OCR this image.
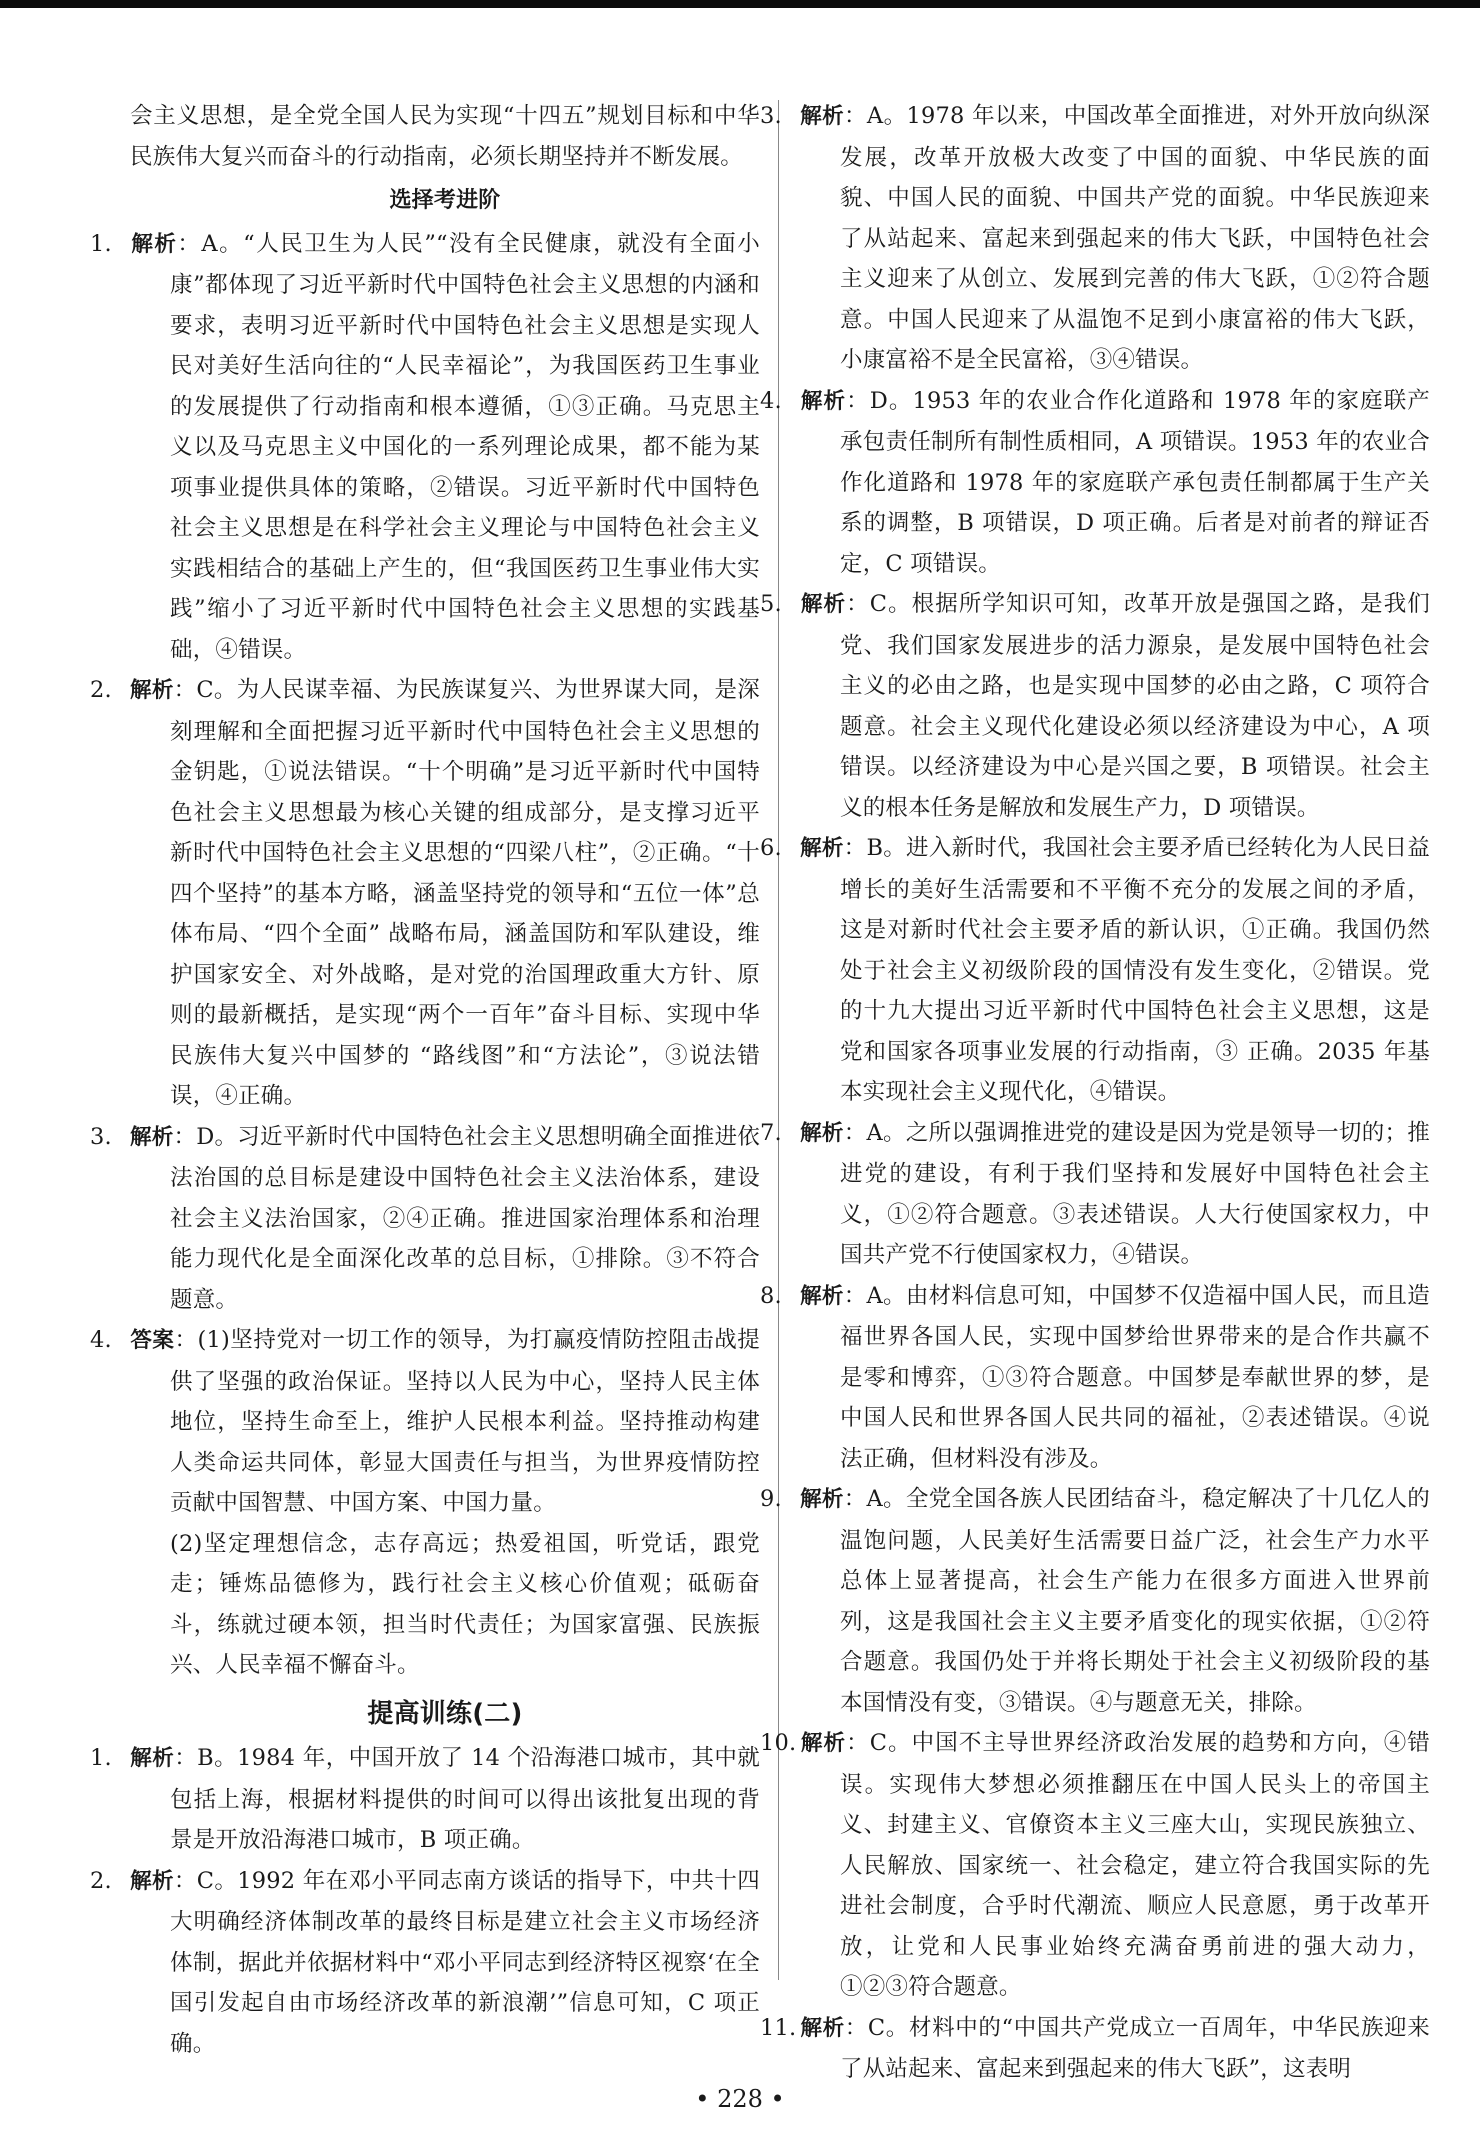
会主义思想，是全党全国人民为实现“十四五”规划目标和中华民族伟大复兴而奋斗的行动指南，必须长期坚持并不断发展。

选择考进阶

1. 解析：A。“人民卫生为人民”“没有全民健康，就没有全面小康”都体现了习近平新时代中国特色社会主义思想的内涵和要求，表明习近平新时代中国特色社会主义思想是实现人民对美好生活向往的“人民幸福论”，为我国医药卫生事业的发展提供了行动指南和根本遵循，①③正确。马克思主义以及马克思主义中国化的一系列理论成果，都不能为某项事业提供具体的策略，②错误。习近平新时代中国特色社会主义思想是在科学社会主义理论与中国特色社会主义实践相结合的基础上产生的，但“我国医药卫生事业伟大实践”缩小了习近平新时代中国特色社会主义思想的实践基础，④错误。

2. 解析：C。为人民谋幸福、为民族谋复兴、为世界谋大同，是深刻理解和全面把握习近平新时代中国特色社会主义思想的金钥匙，①说法错误。“十个明确”是习近平新时代中国特色社会主义思想最为核心关键的组成部分，是支撑习近平新时代中国特色社会主义思想的“四梁八柱”，②正确。“十四个坚持”的基本方略，涵盖坚持党的领导和“五位一体”总体布局、“四个全面” 战略布局，涵盖国防和军队建设，维护国家安全、对外战略，是对党的治国理政重大方针、原则的最新概括，是实现“两个一百年”奋斗目标、实现中华民族伟大复兴中国梦的 “路线图”和“方法论”，③说法错误，④正确。

3. 解析：D。习近平新时代中国特色社会主义思想明确全面推进依法治国的总目标是建设中国特色社会主义法治体系，建设社会主义法治国家，②④正确。推进国家治理体系和治理能力现代化是全面深化改革的总目标，①排除。③不符合题意。

4. 答案：(1)坚持党对一切工作的领导，为打赢疫情防控阻击战提供了坚强的政治保证。坚持以人民为中心，坚持人民主体地位，坚持生命至上，维护人民根本利益。坚持推动构建人类命运共同体，彰显大国责任与担当，为世界疫情防控贡献中国智慧、中国方案、中国力量。

(2)坚定理想信念，志存高远；热爱祖国，听党话，跟党走；锤炼品德修为，践行社会主义核心价值观；砥砺奋斗，练就过硬本领，担当时代责任；为国家富强、民族振兴、人民幸福不懈奋斗。

提高训练(二)

1. 解析：B。1984 年，中国开放了 14 个沿海港口城市，其中就包括上海，根据材料提供的时间可以得出该批复出现的背景是开放沿海港口城市，B 项正确。

2. 解析：C。1992 年在邓小平同志南方谈话的指导下，中共十四大明确经济体制改革的最终目标是建立社会主义市场经济体制，据此并依据材料中“邓小平同志到经济特区视察‘在全国引发起自由市场经济改革的新浪潮’”信息可知，C 项正确。

3. 解析：A。1978 年以来，中国改革全面推进，对外开放向纵深发展，改革开放极大改变了中国的面貌、中华民族的面貌、中国人民的面貌、中国共产党的面貌。中华民族迎来了从站起来、富起来到强起来的伟大飞跃，中国特色社会主义迎来了从创立、发展到完善的伟大飞跃，①②符合题意。中国人民迎来了从温饱不足到小康富裕的伟大飞跃，小康富裕不是全民富裕，③④错误。

4. 解析：D。1953 年的农业合作化道路和 1978 年的家庭联产承包责任制所有制性质相同，A 项错误。1953 年的农业合作化道路和 1978 年的家庭联产承包责任制都属于生产关系的调整，B 项错误，D 项正确。后者是对前者的辩证否定，C 项错误。

5. 解析：C。根据所学知识可知，改革开放是强国之路，是我们党、我们国家发展进步的活力源泉，是发展中国特色社会主义的必由之路，也是实现中国梦的必由之路，C 项符合题意。社会主义现代化建设必须以经济建设为中心，A 项错误。以经济建设为中心是兴国之要，B 项错误。社会主义的根本任务是解放和发展生产力，D 项错误。

6. 解析：B。进入新时代，我国社会主要矛盾已经转化为人民日益增长的美好生活需要和不平衡不充分的发展之间的矛盾，这是对新时代社会主要矛盾的新认识，①正确。我国仍然处于社会主义初级阶段的国情没有发生变化，②错误。党的十九大提出习近平新时代中国特色社会主义思想，这是党和国家各项事业发展的行动指南，③ 正确。2035 年基本实现社会主义现代化，④错误。

7. 解析：A。之所以强调推进党的建设是因为党是领导一切的；推进党的建设，有利于我们坚持和发展好中国特色社会主义，①②符合题意。③表述错误。人大行使国家权力，中国共产党不行使国家权力，④错误。

8. 解析：A。由材料信息可知，中国梦不仅造福中国人民，而且造福世界各国人民，实现中国梦给世界带来的是合作共赢不是零和博弈，①③符合题意。中国梦是奉献世界的梦，是中国人民和世界各国人民共同的福祉，②表述错误。④说法正确，但材料没有涉及。

9. 解析：A。全党全国各族人民团结奋斗，稳定解决了十几亿人的温饱问题，人民美好生活需要日益广泛，社会生产力水平总体上显著提高，社会生产能力在很多方面进入世界前列，这是我国社会主义主要矛盾变化的现实依据，①②符合题意。我国仍处于并将长期处于社会主义初级阶段的基本国情没有变，③错误。④与题意无关，排除。

10. 解析：C。中国不主导世界经济政治发展的趋势和方向，④错误。实现伟大梦想必须推翻压在中国人民头上的帝国主义、封建主义、官僚资本主义三座大山，实现民族独立、人民解放、国家统一、社会稳定，建立符合我国实际的先进社会制度，合乎时代潮流、顺应人民意愿，勇于改革开放，让党和人民事业始终充满奋勇前进的强大动力，①②③符合题意。

11. 解析：C。材料中的“中国共产党成立一百周年，中华民族迎来了从站起来、富起来到强起来的伟大飞跃”，这表明

• 228 •
